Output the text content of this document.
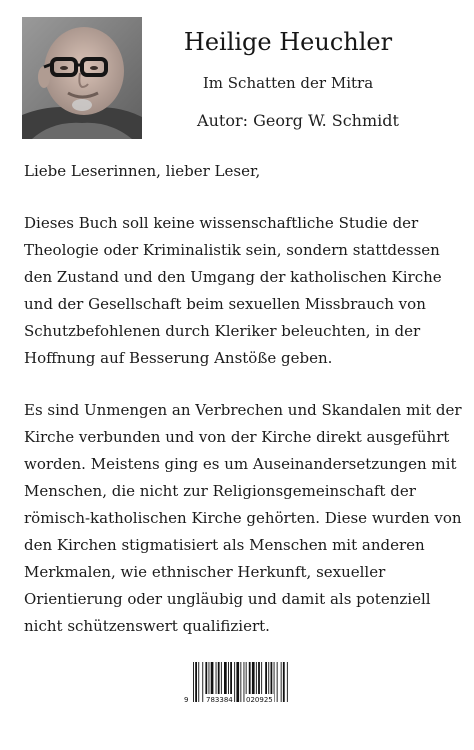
Heilige Heuchler
Im Schatten der Mitra
Autor: Georg W. Schmidt

Liebe Leserinnen, lieber Leser,

Dieses Buch soll keine wissenschaftliche Studie der Theologie oder Kriminalistik sein, sondern stattdessen den Zustand und den Umgang der katholischen Kirche und der Gesellschaft beim sexuellen Missbrauch von Schutzbefohlenen durch Kleriker beleuchten, in der Hoffnung auf Besserung Anstöße geben.

Es sind Unmengen an Verbrechen und Skandalen mit der Kirche verbunden und von der Kirche direkt ausgeführt worden. Meistens ging es um Auseinandersetzungen mit Menschen, die nicht zur Religionsgemeinschaft der römisch-katholischen Kirche gehörten. Diese wurden von den Kirchen stigmatisiert als Menschen mit anderen Merkmalen, wie ethnischer Herkunft, sexueller Orientierung oder ungläubig und damit als potenziell nicht schützenswert qualifiziert.

9	783384 020925
